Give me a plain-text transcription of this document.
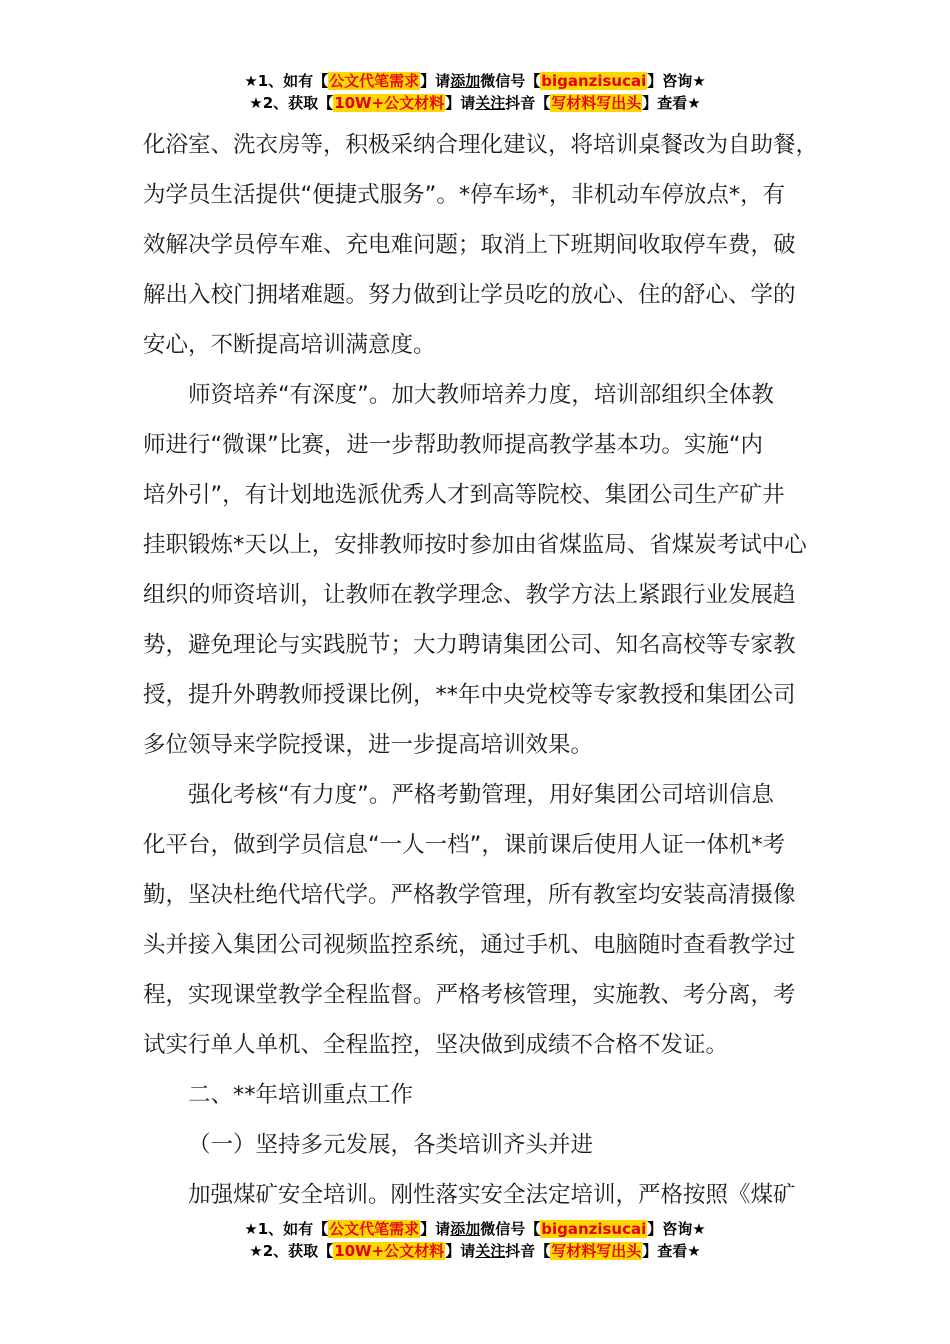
★1、如有【公文代笔需求】请添加微信号【biganzisucai】咨询★
★2、获取【10W+公文材料】请关注抖音【写材料写出头】查看★

化浴室、洗衣房等，积极采纳合理化建议，将培训桌餐改为自助餐，
为学员生活提供“便捷式服务”。*停车场*，非机动车停放点*，有
效解决学员停车难、充电难问题；取消上下班期间收取停车费，破
解出入校门拥堵难题。努力做到让学员吃的放心、住的舒心、学的
安心，不断提高培训满意度。

师资培养“有深度”。加大教师培养力度，培训部组织全体教
师进行“微课”比赛，进一步帮助教师提高教学基本功。实施“内
培外引”，有计划地选派优秀人才到高等院校、集团公司生产矿井
挂职锻炼*天以上，安排教师按时参加由省煤监局、省煤炭考试中心
组织的师资培训，让教师在教学理念、教学方法上紧跟行业发展趋
势，避免理论与实践脱节；大力聘请集团公司、知名高校等专家教
授，提升外聘教师授课比例，**年中央党校等专家教授和集团公司
多位领导来学院授课，进一步提高培训效果。

强化考核“有力度”。严格考勤管理，用好集团公司培训信息
化平台，做到学员信息“一人一档”，课前课后使用人证一体机*考
勤，坚决杜绝代培代学。严格教学管理，所有教室均安装高清摄像
头并接入集团公司视频监控系统，通过手机、电脑随时查看教学过
程，实现课堂教学全程监督。严格考核管理，实施教、考分离，考
试实行单人单机、全程监控，坚决做到成绩不合格不发证。

二、**年培训重点工作

（一）坚持多元发展，各类培训齐头并进

加强煤矿安全培训。刚性落实安全法定培训，严格按照《煤矿

★1、如有【公文代笔需求】请添加微信号【biganzisucai】咨询★
★2、获取【10W+公文材料】请关注抖音【写材料写出头】查看★
